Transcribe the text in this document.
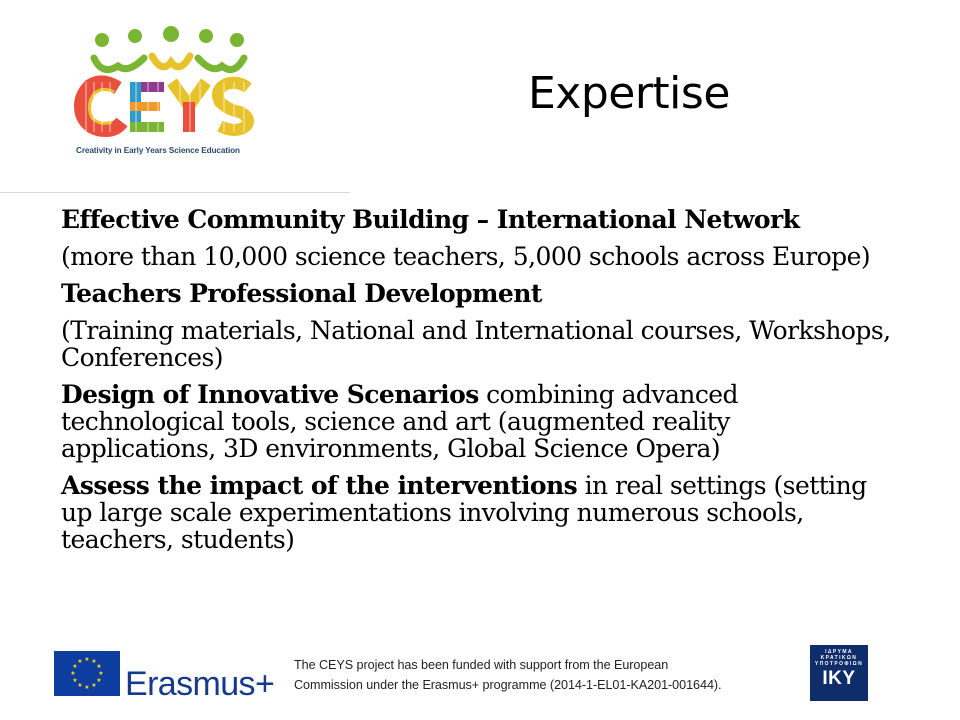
Creativity in Early Years Science Education
Expertise

Effective Community Building – International Network

(more than 10,000 science teachers, 5,000 schools across Europe)

Teachers Professional Development

(Training materials, National and International courses, Workshops, Conferences)

Design of Innovative Scenarios combining advanced technological tools, science and art (augmented reality applications, 3D environments, Global Science Opera)

Assess the impact of the interventions in real settings (setting up large scale experimentations involving numerous schools, teachers, students)

★ ★
★
★
★
★
★
★
★
★
★
★
Erasmus+ The CEYS project has been funded with support from the European
Commission under the Erasmus+ programme (2014-1-EL01-KA201-001644).
ΙΔΡΥΜΑ ΚΡΑΤΙΚΩΝ ΥΠΟΤΡΟΦΙΩΝ
IKY
